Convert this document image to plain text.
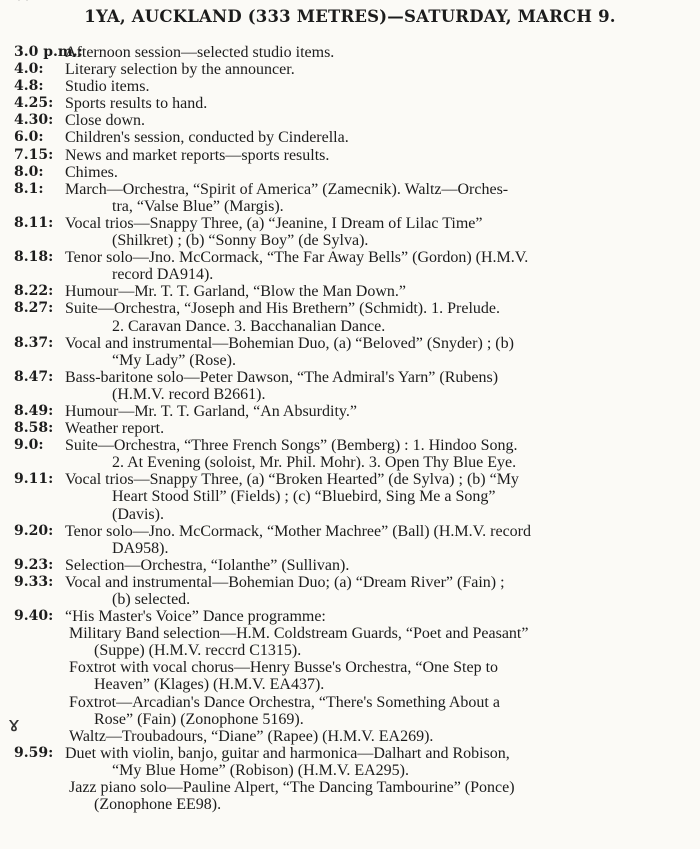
⌒
1YA, AUCKLAND (333 METRES)—SATURDAY, MARCH 9.
3.0 p.m.:
Afternoon session—selected studio items.
4.0: Literary selection by the announcer.
4.8: Studio items.
4.25: Sports results to hand.
4.30: Close down.
6.0: Children's session, conducted by Cinderella.
7.15: News and market reports—sports results.
8.0: Chimes.
8.1: March—Orchestra, “Spirit of America” (Zamecnik). Waltz—Orches-
tra, “Valse Blue” (Margis).
8.11: Vocal trios—Snappy Three, (a) “Jeanine, I Dream of Lilac Time”
(Shilkret) ; (b) “Sonny Boy” (de Sylva).
8.18: Tenor solo—Jno. McCormack, “The Far Away Bells” (Gordon) (H.M.V.
record DA914).
8.22: Humour—Mr. T. T. Garland, “Blow the Man Down.”
8.27: Suite—Orchestra, “Joseph and His Brethern” (Schmidt). 1. Prelude.
2. Caravan Dance. 3. Bacchanalian Dance.
8.37: Vocal and instrumental—Bohemian Duo, (a) “Beloved” (Snyder) ; (b)
“My Lady” (Rose).
8.47: Bass-baritone solo—Peter Dawson, “The Admiral's Yarn” (Rubens)
(H.M.V. record B2661).
8.49: Humour—Mr. T. T. Garland, “An Absurdity.”
8.58: Weather report.
9.0: Suite—Orchestra, “Three French Songs” (Bemberg) : 1. Hindoo Song.
2. At Evening (soloist, Mr. Phil. Mohr). 3. Open Thy Blue Eye.
9.11: Vocal trios—Snappy Three, (a) “Broken Hearted” (de Sylva) ; (b) “My
Heart Stood Still” (Fields) ; (c) “Bluebird, Sing Me a Song”
(Davis).
9.20: Tenor solo—Jno. McCormack, “Mother Machree” (Ball) (H.M.V. record
DA958).
9.23: Selection—Orchestra, “Iolanthe” (Sullivan).
9.33: Vocal and instrumental—Bohemian Duo; (a) “Dream River” (Fain) ;
(b) selected.
9.40: “His Master's Voice” Dance programme:
Military Band selection—H.M. Coldstream Guards, “Poet and Peasant”
(Suppe) (H.M.V. reccrd C1315).
Foxtrot with vocal chorus—Henry Busse's Orchestra, “One Step to
Heaven” (Klages) (H.M.V. EA437).
Foxtrot—Arcadian's Dance Orchestra, “There's Something About a
Rose” (Fain) (Zonophone 5169).
Waltz—Troubadours, “Diane” (Rapee) (H.M.V. EA269).
9.59: Duet with violin, banjo, guitar and harmonica—Dalhart and Robison,
“My Blue Home” (Robison) (H.M.V. EA295).
Jazz piano solo—Pauline Alpert, “The Dancing Tambourine” (Ponce)
(Zonophone EE98).
ɤ
